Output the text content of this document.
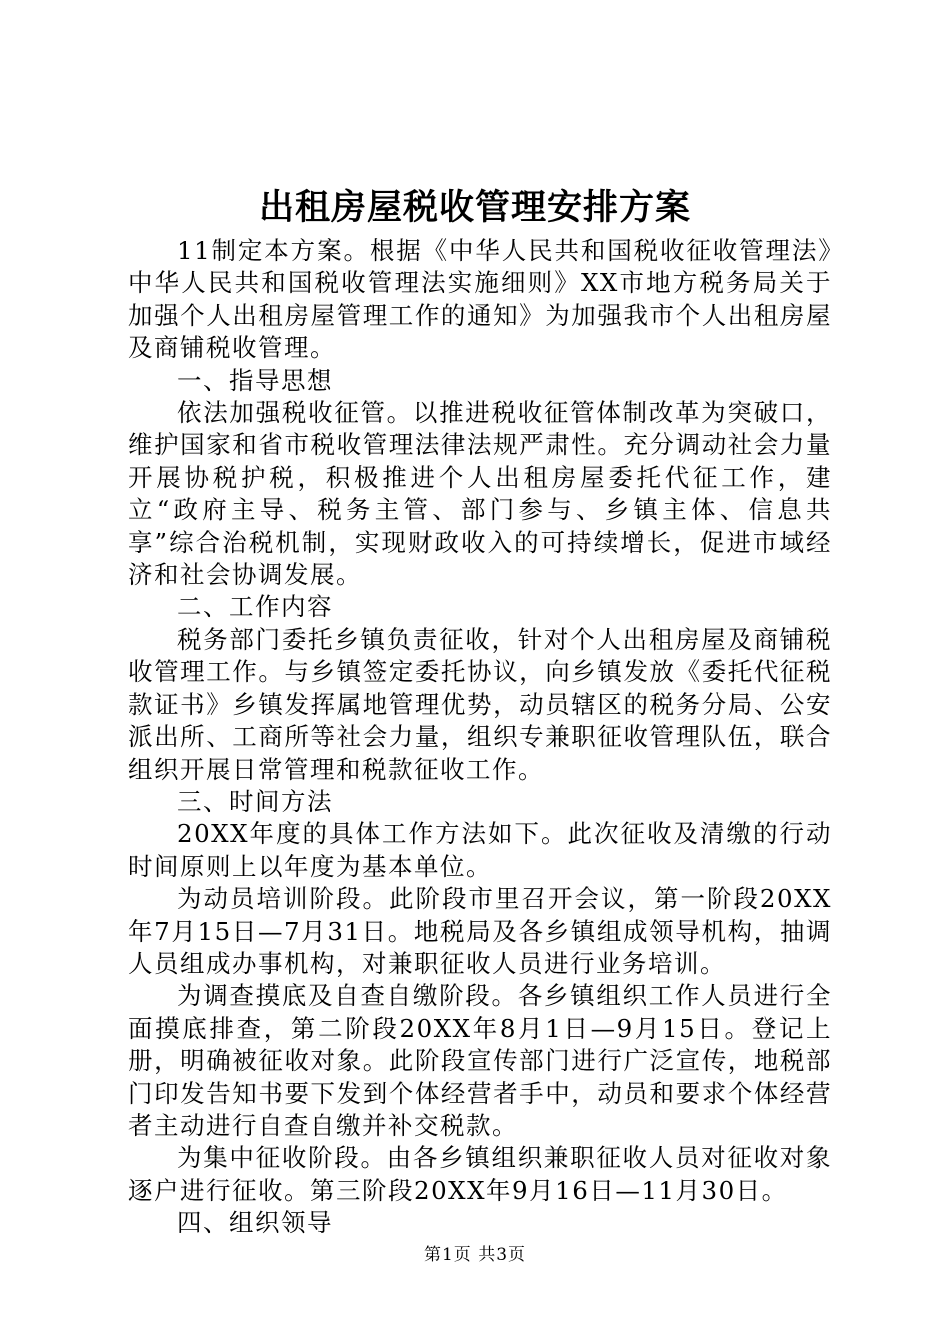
出租房屋税收管理安排方案

11制定本方案。根据《中华人民共和国税收征收管理法》中华人民共和国税收管理法实施细则》XX市地方税务局关于加强个人出租房屋管理工作的通知》为加强我市个人出租房屋及商铺税收管理。

一、指导思想

依法加强税收征管。以推进税收征管体制改革为突破口，维护国家和省市税收管理法律法规严肃性。充分调动社会力量开展协税护税，积极推进个人出租房屋委托代征工作，建立“政府主导、税务主管、部门参与、乡镇主体、信息共享”综合治税机制，实现财政收入的可持续增长，促进市域经济和社会协调发展。

二、工作内容

税务部门委托乡镇负责征收，针对个人出租房屋及商铺税收管理工作。与乡镇签定委托协议，向乡镇发放《委托代征税款证书》乡镇发挥属地管理优势，动员辖区的税务分局、公安派出所、工商所等社会力量，组织专兼职征收管理队伍，联合组织开展日常管理和税款征收工作。

三、时间方法

20XX年度的具体工作方法如下。此次征收及清缴的行动时间原则上以年度为基本单位。

为动员培训阶段。此阶段市里召开会议，第一阶段20XX年7月15日—7月31日。地税局及各乡镇组成领导机构，抽调人员组成办事机构，对兼职征收人员进行业务培训。

为调查摸底及自查自缴阶段。各乡镇组织工作人员进行全面摸底排查，第二阶段20XX年8月1日—9月15日。登记上册，明确被征收对象。此阶段宣传部门进行广泛宣传，地税部门印发告知书要下发到个体经营者手中，动员和要求个体经营者主动进行自查自缴并补交税款。

为集中征收阶段。由各乡镇组织兼职征收人员对征收对象逐户进行征收。第三阶段20XX年9月16日—11月30日。

四、组织领导

第1页 共3页
